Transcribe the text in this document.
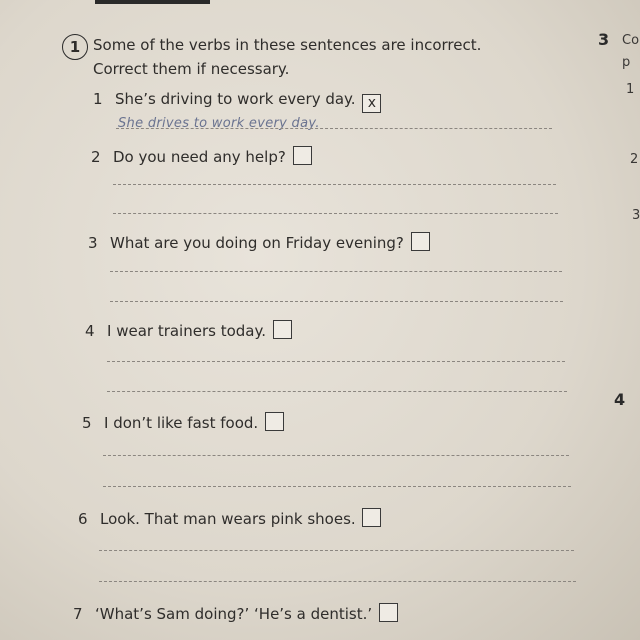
1 Some of the verbs in these sentences are incorrect.
Correct them if necessary.
1 She’s driving to work every day. x
She drives to work every day.
2 Do you need any help?
3 What are you doing on Friday evening?
4 I wear trainers today.
5 I don’t like fast food.
6 Look. That man wears pink shoes.
7 ‘What’s Sam doing?’ ‘He’s a dentist.’
3 Co
p
1
2
3
4
